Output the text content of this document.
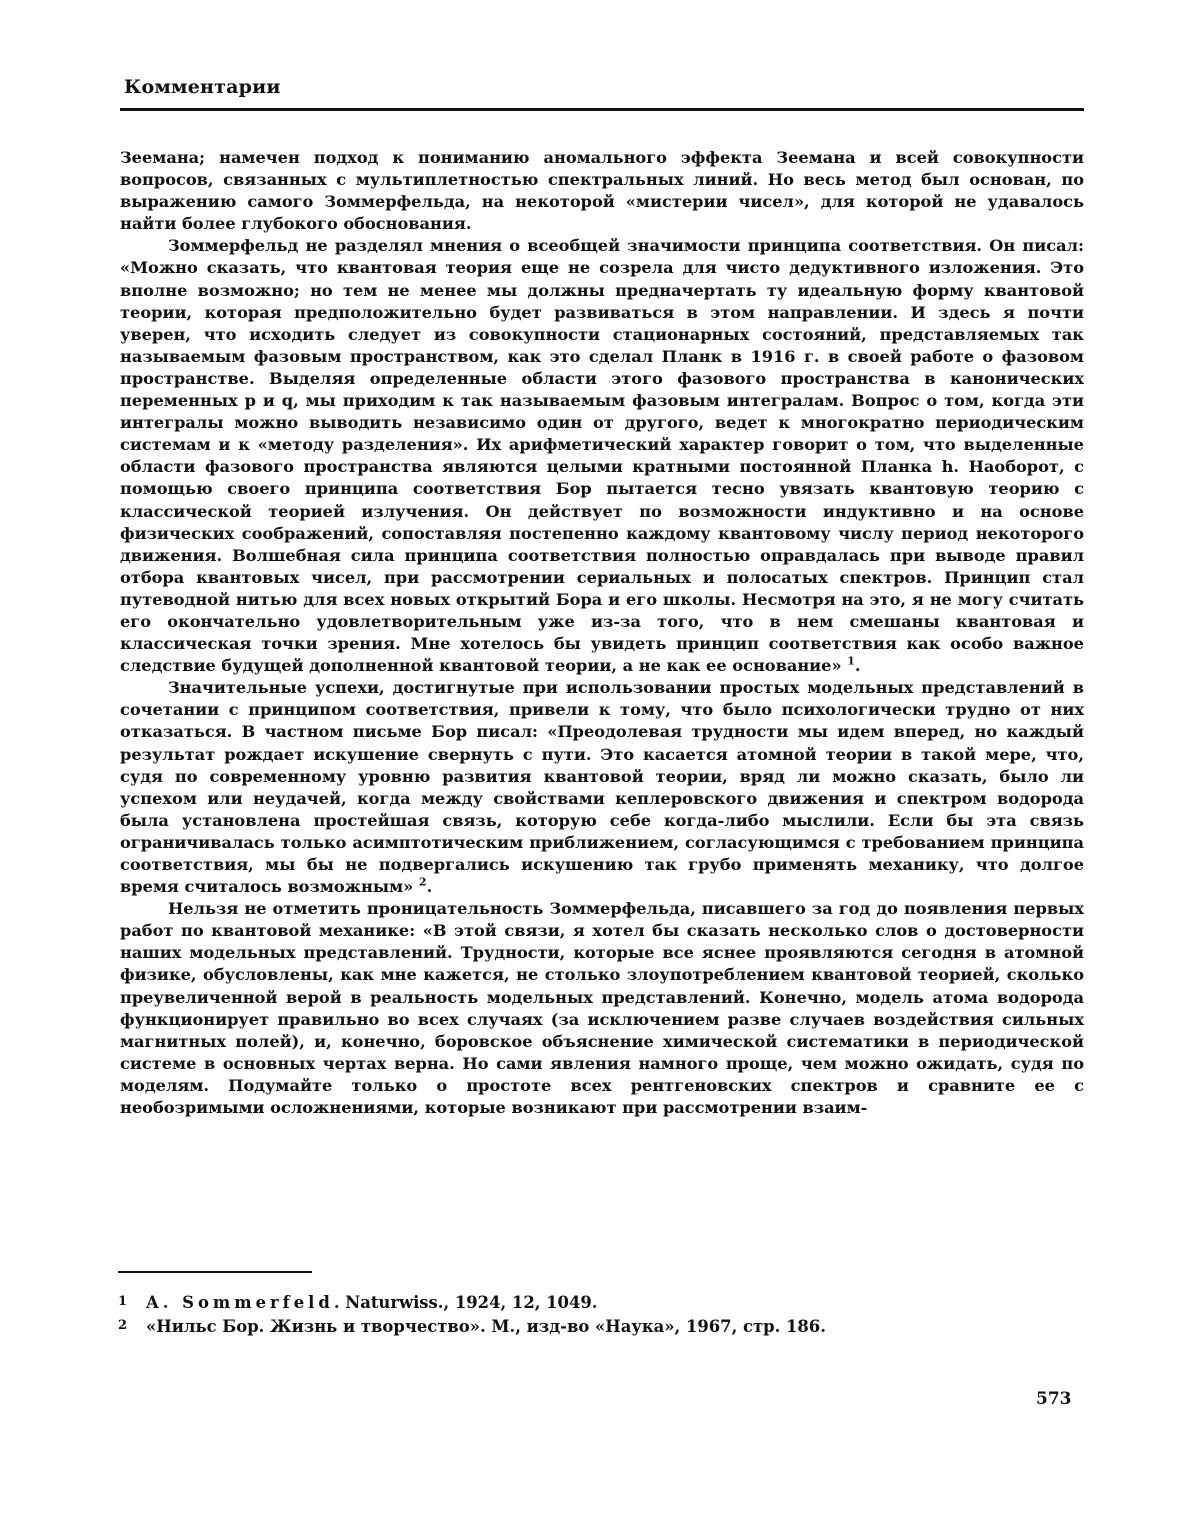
Комментарии

Зеемана; намечен подход к пониманию аномального эффекта Зеемана и всей совокупности вопросов, связанных с мультиплетностью спектральных линий. Но весь метод был основан, по выражению самого Зоммерфельда, на некоторой «мистерии чисел», для которой не удавалось найти более глубокого обоснования.

Зоммерфельд не разделял мнения о всеобщей значимости принципа соответствия. Он писал: «Можно сказать, что квантовая теория еще не созрела для чисто дедуктивного изложения. Это вполне возможно; но тем не менее мы должны предначертать ту идеальную форму квантовой теории, которая предположительно будет развиваться в этом направлении. И здесь я почти уверен, что исходить следует из совокупности стационарных состояний, представляемых так называемым фазовым пространством, как это сделал Планк в 1916 г. в своей работе о фазовом пространстве. Выделяя определенные области этого фазового пространства в канонических переменных p и q, мы приходим к так называемым фазовым интегралам. Вопрос о том, когда эти интегралы можно выводить независимо один от другого, ведет к многократно периодическим системам и к «методу разделения». Их арифметический характер говорит о том, что выделенные области фазового пространства являются целыми кратными постоянной Планка h. Наоборот, с помощью своего принципа соответствия Бор пытается тесно увязать квантовую теорию с классической теорией излучения. Он действует по возможности индуктивно и на основе физических соображений, сопоставляя постепенно каждому квантовому числу период некоторого движения. Волшебная сила принципа соответствия полностью оправдалась при выводе правил отбора квантовых чисел, при рассмотрении сериальных и полосатых спектров. Принцип стал путеводной нитью для всех новых открытий Бора и его школы. Несмотря на это, я не могу считать его окончательно удовлетворительным уже из-за того, что в нем смешаны квантовая и классическая точки зрения. Мне хотелось бы увидеть принцип соответствия как особо важное следствие будущей дополненной квантовой теории, а не как ее основание» $^1$.

Значительные успехи, достигнутые при использовании простых модельных представлений в сочетании с принципом соответствия, привели к тому, что было психологически трудно от них отказаться. В частном письме Бор писал: «Преодолевая трудности мы идем вперед, но каждый результат рождает искушение свернуть с пути. Это касается атомной теории в такой мере, что, судя по современному уровню развития квантовой теории, вряд ли можно сказать, было ли успехом или неудачей, когда между свойствами кеплеровского движения и спектром водорода была установлена простейшая связь, которую себе когда-либо мыслили. Если бы эта связь ограничивалась только асимптотическим приближением, согласующимся с требованием принципа соответствия, мы бы не подвергались искушению так грубо применять механику, что долгое время считалось возможным» $^2$.

Нельзя не отметить проницательность Зоммерфельда, писавшего за год до появления первых работ по квантовой механике: «В этой связи, я хотел бы сказать несколько слов о достоверности наших модельных представлений. Трудности, которые все яснее проявляются сегодня в атомной физике, обусловлены, как мне кажется, не столько злоупотреблением квантовой теорией, сколько преувеличенной верой в реальность модельных представлений. Конечно, модель атома водорода функционирует правильно во всех случаях (за исключением разве случаев воздействия сильных магнитных полей), и, конечно, боровское объяснение химической систематики в периодической системе в основных чертах верна. Но сами явления намного проще, чем можно ожидать, судя по моделям. Подумайте только о простоте всех рентгеновских спектров и сравните ее с необозримыми осложнениями, которые возникают при рассмотрении взаим-

1 A. Sommerfeld. Naturwiss., 1924, 12, 1049.
2 «Нильс Бор. Жизнь и творчество». М., изд-во «Наука», 1967, стр. 186.
573
